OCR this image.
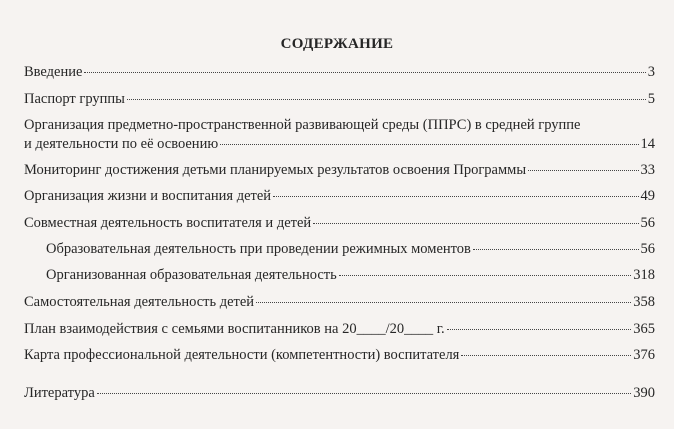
СОДЕРЖАНИЕ
Введение	3
Паспорт группы	5
Организация предметно-пространственной развивающей среды (ППРС) в средней группе
и деятельности по её освоению	14
Мониторинг достижения детьми планируемых результатов освоения Программы	33
Организация жизни и воспитания детей	49
Совместная деятельность воспитателя и детей	56
Образовательная деятельность при проведении режимных моментов	56
Организованная образовательная деятельность	318
Самостоятельная деятельность детей	358
План взаимодействия с семьями воспитанников на 20____/20____ г.	365
Карта профессиональной деятельности (компетентности) воспитателя	376
Литература	390
